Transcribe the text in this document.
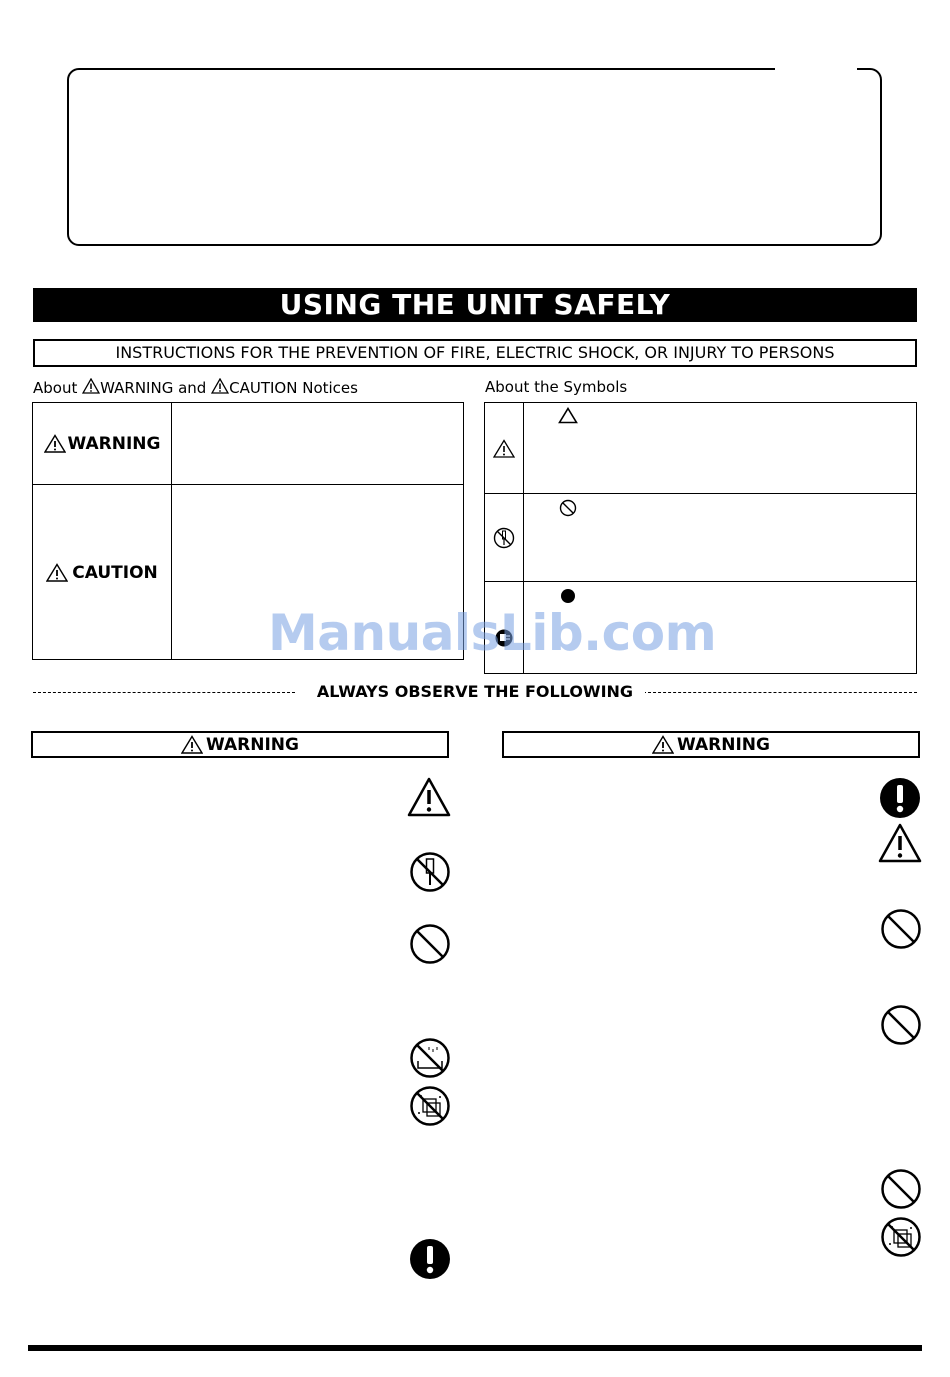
USING THE UNIT SAFELY
INSTRUCTIONS FOR THE PREVENTION OF FIRE, ELECTRIC SHOCK, OR INJURY TO PERSONS
About WARNING and CAUTION Notices	About the Symbols
WARNING
CAUTION
ManualsLib.com
ALWAYS OBSERVE THE FOLLOWING
WARNING	WARNING
